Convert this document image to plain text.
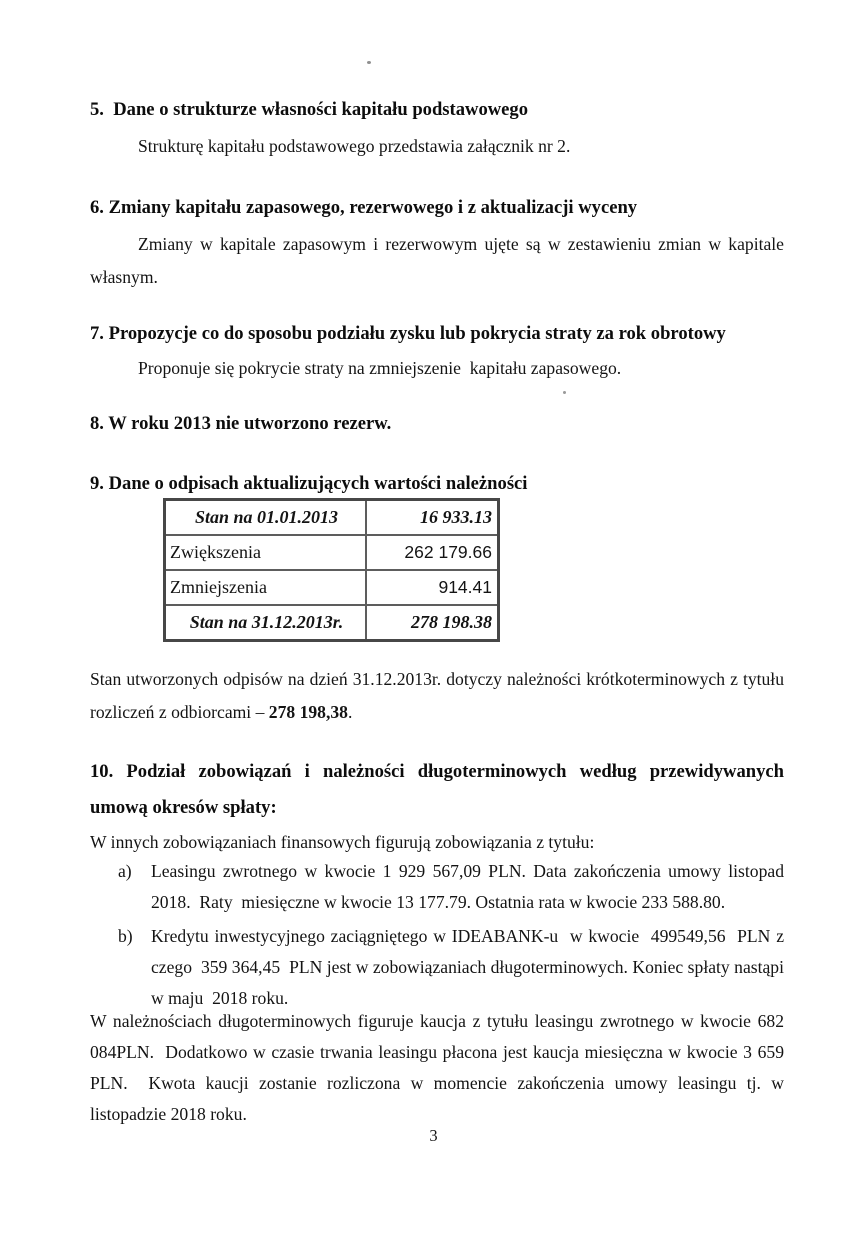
5.  Dane o strukturze własności kapitału podstawowego
Strukturę kapitału podstawowego przedstawia załącznik nr 2.
6. Zmiany kapitału zapasowego, rezerwowego i z aktualizacji wyceny
Zmiany w kapitale zapasowym i rezerwowym ujęte są w zestawieniu zmian w kapitale własnym.
7. Propozycje co do sposobu podziału zysku lub pokrycia straty za rok obrotowy
Proponuje się pokrycie straty na zmniejszenie  kapitału zapasowego.
8. W roku 2013 nie utworzono rezerw.
9. Dane o odpisach aktualizujących wartości należności
Stan na 01.01.2013	16 933.13
Zwiększenia	262 179.66
Zmniejszenia	914.41
Stan na 31.12.2013r.	278 198.38
Stan utworzonych odpisów na dzień 31.12.2013r. dotyczy należności krótkoterminowych z tytułu  rozliczeń z odbiorcami – 278 198,38.
10. Podział zobowiązań i należności długoterminowych według przewidywanych umową okresów spłaty:
W innych zobowiązaniach finansowych figurują zobowiązania z tytułu:
a)	Leasingu zwrotnego w kwocie 1 929 567,09 PLN. Data zakończenia umowy listopad 2018.  Raty  miesięczne w kwocie 13 177.79. Ostatnia rata w kwocie 233 588.80.
b)	Kredytu inwestycyjnego zaciągniętego w IDEABANK-u  w kwocie  499549,56  PLN z czego  359 364,45  PLN jest w zobowiązaniach długoterminowych. Koniec spłaty nastąpi  w maju  2018 roku.
W należnościach długoterminowych figuruje kaucja z tytułu leasingu zwrotnego w kwocie 682 084PLN.  Dodatkowo w czasie trwania leasingu płacona jest kaucja miesięczna w kwocie 3 659 PLN.  Kwota kaucji zostanie rozliczona w momencie zakończenia umowy leasingu tj. w listopadzie 2018 roku.
3
